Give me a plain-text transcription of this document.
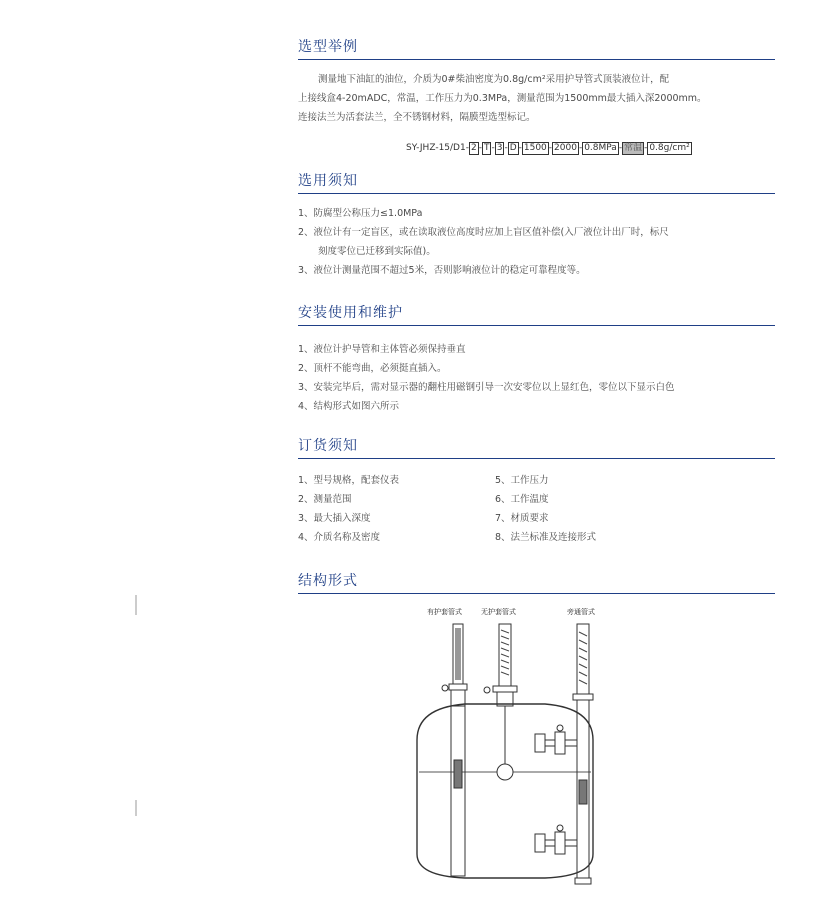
选型举例
测量地下油缸的油位，介质为0#柴油密度为0.8g/cm²采用护导管式顶装液位计，配
上接线盒4-20mADC，常温，工作压力为0.3MPa，测量范围为1500mm最大插入深2000mm。
连接法兰为活套法兰，全不锈钢材料，隔膜型选型标记。
SY-JHZ-15/D1- 2 - T - 3 - D - 1500 - 2000 - 0.8MPa - 常温 - 0.8g/cm²
选用须知
1、防腐型公称压力≤1.0MPa
2、液位计有一定盲区，或在读取液位高度时应加上盲区值补偿(入厂液位计出厂时，标尺
刻度零位已迁移到实际值)。
3、液位计测量范围不超过5米，否则影响液位计的稳定可靠程度等。
安装使用和维护
1、液位计护导管和主体管必须保持垂直
2、顶杆不能弯曲，必须挺直插入。
3、安装完毕后，需对显示器的翻柱用磁钢引导一次安零位以上显红色，零位以下显示白色
4、结构形式如图六所示
订货须知
1、型号规格，配套仪表
2、测量范围
3、最大插入深度
4、介质名称及密度
5、工作压力
6、工作温度
7、材质要求
8、法兰标准及连接形式
结构形式
有护套管式	无护套管式	旁通管式
